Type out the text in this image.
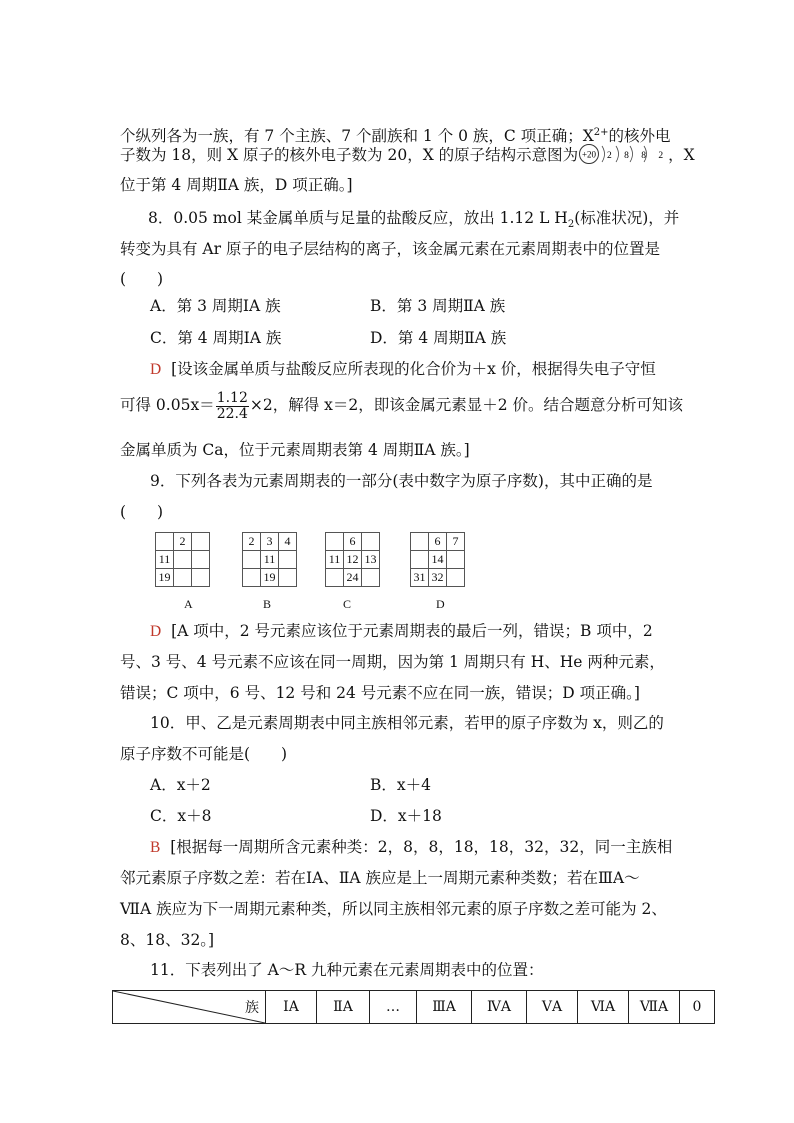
个纵列各为一族，有 7 个主族、7 个副族和 1 个 0 族，C 项正确；$X^{2+}$的核外电
子数为 18，则 X 原子的核外电子数为 20，X 的原子结构示意图为 +20 2 8 8 2 ，X
位于第 4 周期ⅡA 族，D 项正确。]
8．0.05 mol 某金属单质与足量的盐酸反应，放出 1.12 L $H_2$(标准状况)，并
转变为具有 Ar 原子的电子层结构的离子，该金属元素在元素周期表中的位置是
(　　)
A．第 3 周期ⅠA 族	B．第 3 周期ⅡA 族
C．第 4 周期ⅠA 族	D．第 4 周期ⅡA 族
D [设该金属单质与盐酸反应所表现的化合价为＋x 价，根据得失电子守恒
可得 $0.05x= \frac{1.12}{22.4} \times 2$，解得 x＝2，即该金属元素显＋2 价。结合题意分析可知该
金属单质为 Ca，位于元素周期表第 4 周期ⅡA 族。]
9．下列各表为元素周期表的一部分(表中数字为原子序数)，其中正确的是
(　　)
	2	
11		
19		
A
2	3	4
	11	
	19	
B
	6	
11	12	13
	24	
C
	6	7
	14	
31	32	
D
D [A 项中，2 号元素应该位于元素周期表的最后一列，错误；B 项中，2
号、3 号、4 号元素不应该在同一周期，因为第 1 周期只有 H、He 两种元素，
错误；C 项中，6 号、12 号和 24 号元素不应在同一族，错误；D 项正确。]
10．甲、乙是元素周期表中同主族相邻元素，若甲的原子序数为 x，则乙的
原子序数不可能是(　　)
A．x＋2	B．x＋4
C．x＋8	D．x＋18
B [根据每一周期所含元素种类：2，8，8，18，18，32，32，同一主族相
邻元素原子序数之差：若在ⅠA、ⅡA 族应是上一周期元素种类数；若在ⅢA～
ⅦA 族应为下一周期元素种类，所以同主族相邻元素的原子序数之差可能为 2、
8、18、32。]
11．下表列出了 A～R 九种元素在元素周期表中的位置：
族	ⅠA	ⅡA	…	ⅢA	ⅣA	ⅤA	ⅥA	ⅦA	0
